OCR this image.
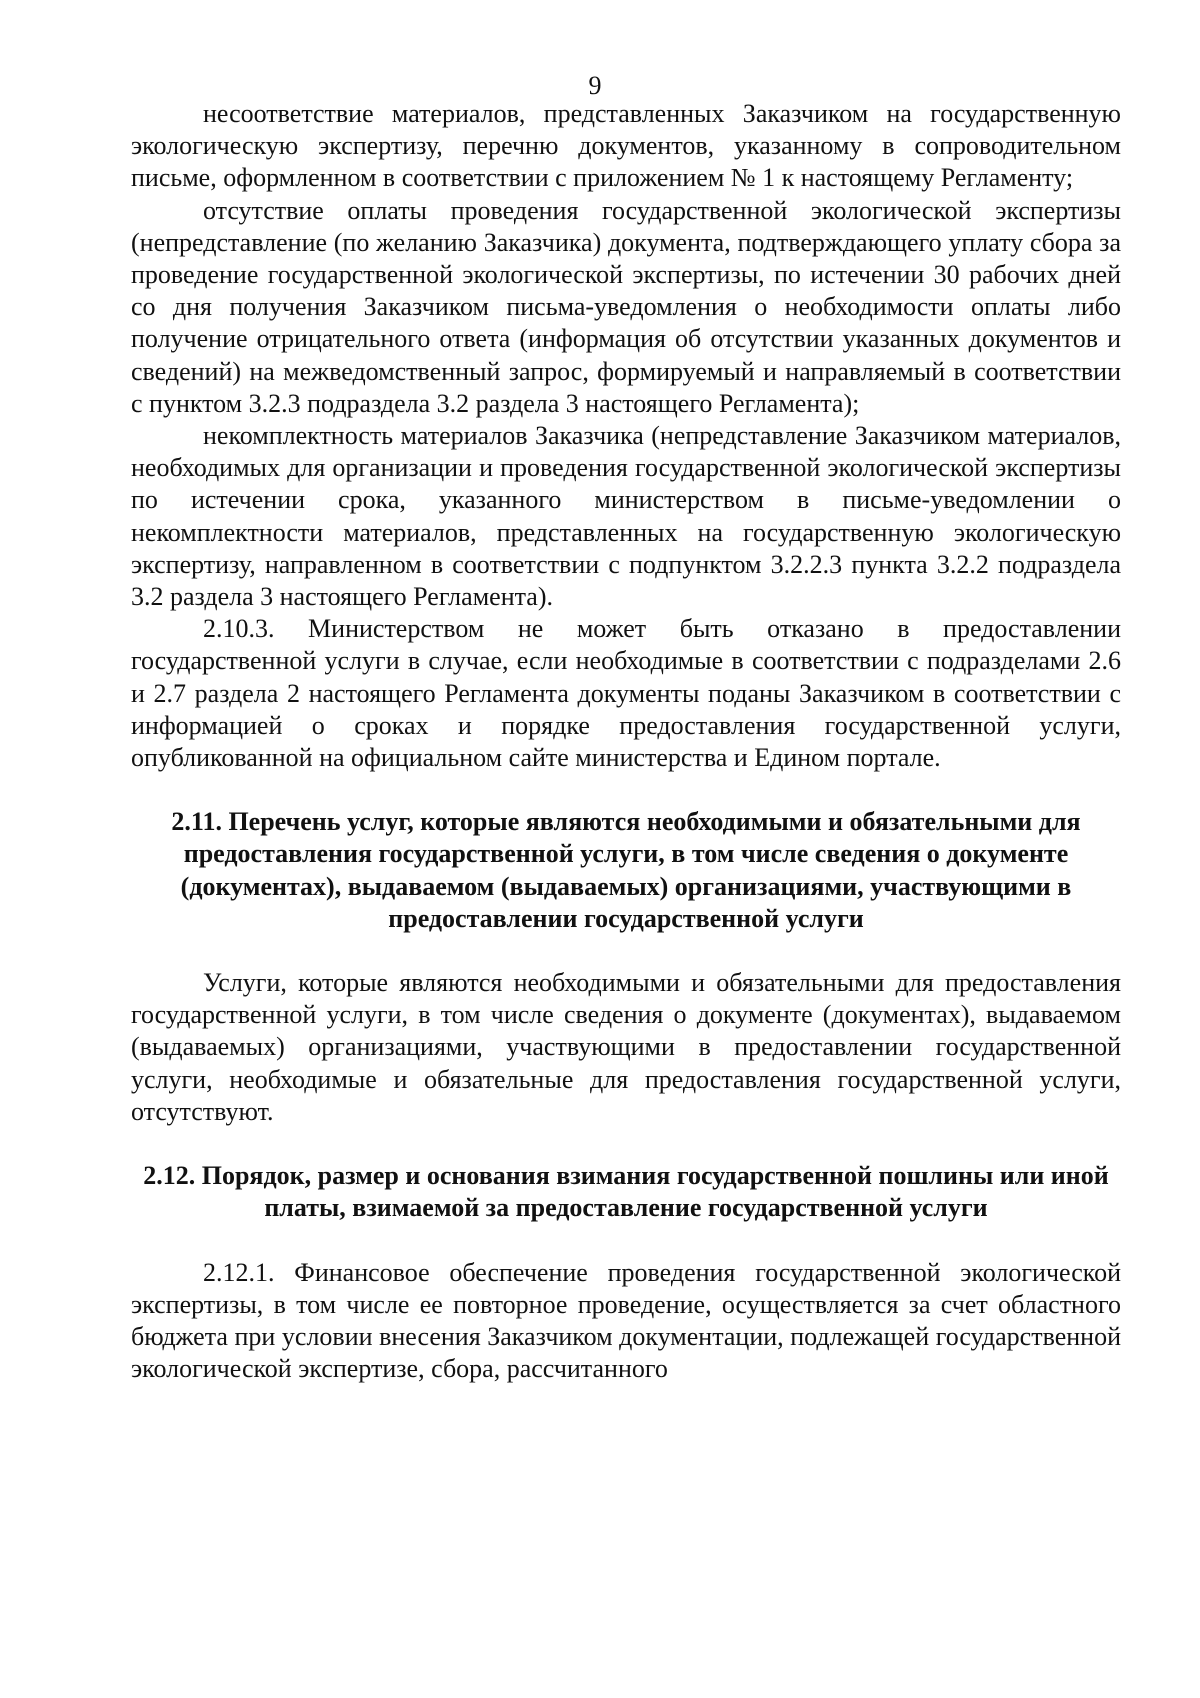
9

несоответствие материалов, представленных Заказчиком на государственную экологическую экспертизу, перечню документов, указанному в сопроводительном письме, оформленном в соответствии с приложением № 1 к настоящему Регламенту;

отсутствие оплаты проведения государственной экологической экспертизы (непредставление (по желанию Заказчика) документа, подтверждающего уплату сбора за проведение государственной экологической экспертизы, по истечении 30 рабочих дней со дня получения Заказчиком письма-уведомления о необходимости оплаты либо получение отрицательного ответа (информация об отсутствии указанных документов и сведений) на межведомственный запрос, формируемый и направляемый в соответствии с пунктом 3.2.3 подраздела 3.2 раздела 3 настоящего Регламента);

некомплектность материалов Заказчика (непредставление Заказчиком материалов, необходимых для организации и проведения государственной экологической экспертизы по истечении срока, указанного министерством в письме-уведомлении о некомплектности материалов, представленных на государственную экологическую экспертизу, направленном в соответствии с подпунктом 3.2.2.3 пункта 3.2.2 подраздела 3.2 раздела 3 настоящего Регламента).

2.10.3. Министерством не может быть отказано в предоставлении государственной услуги в случае, если необходимые в соответствии с подразделами 2.6 и 2.7 раздела 2 настоящего Регламента документы поданы Заказчиком в соответствии с информацией о сроках и порядке предоставления государственной услуги, опубликованной на официальном сайте министерства и Едином портале.

2.11. Перечень услуг, которые являются необходимыми и обязательными для предоставления государственной услуги, в том числе сведения о документе (документах), выдаваемом (выдаваемых) организациями, участвующими в предоставлении государственной услуги

Услуги, которые являются необходимыми и обязательными для предоставления государственной услуги, в том числе сведения о документе (документах), выдаваемом (выдаваемых) организациями, участвующими в предоставлении государственной услуги, необходимые и обязательные для предоставления государственной услуги, отсутствуют.

2.12. Порядок, размер и основания взимания государственной пошлины или иной платы, взимаемой за предоставление государственной услуги

2.12.1. Финансовое обеспечение проведения государственной экологической экспертизы, в том числе ее повторное проведение, осуществляется за счет областного бюджета при условии внесения Заказчиком документации, подлежащей государственной экологической экспертизе, сбора, рассчитанного
